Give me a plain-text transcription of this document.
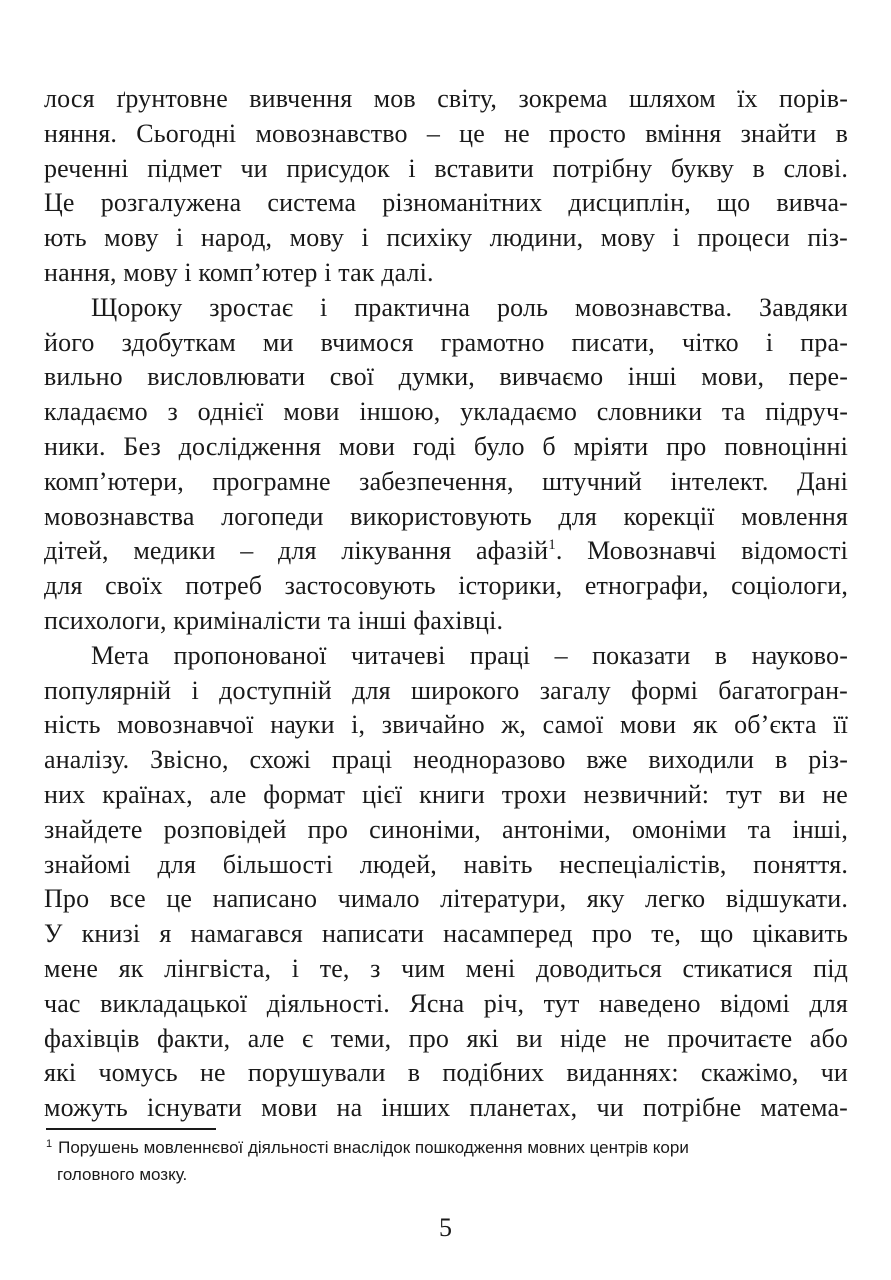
лося ґрунтовне вивчення мов світу, зокрема шляхом їх порів-
няння. Сьогодні мовознавство – це не просто вміння знайти в
реченні підмет чи присудок і вставити потрібну букву в слові.
Це розгалужена система різноманітних дисциплін, що вивча-
ють мову і народ, мову і психіку людини, мову і процеси піз-
нання, мову і комп’ютер і так далі.
Щороку зростає і практична роль мовознавства. Завдяки
його здобуткам ми вчимося грамотно писати, чітко і пра-
вильно висловлювати свої думки, вивчаємо інші мови, пере-
кладаємо з однієї мови іншою, укладаємо словники та підруч-
ники. Без дослідження мови годі було б мріяти про повноцінні
комп’ютери, програмне забезпечення, штучний інтелект. Дані
мовознавства логопеди використовують для корекції мовлення
дітей, медики – для лікування афазій$^1$. Мовознавчі відомості
для своїх потреб застосовують історики, етнографи, соціологи,
психологи, криміналісти та інші фахівці.
Мета пропонованої читачеві праці – показати в науково-
популярній і доступній для широкого загалу формі багатогран-
ність мовознавчої науки і, звичайно ж, самої мови як об’єкта її
аналізу. Звісно, схожі праці неодноразово вже виходили в різ-
них країнах, але формат цієї книги трохи незвичний: тут ви не
знайдете розповідей про синоніми, антоніми, омоніми та інші,
знайомі для більшості людей, навіть неспеціалістів, поняття.
Про все це написано чимало літератури, яку легко відшукати.
У книзі я намагався написати насамперед про те, що цікавить
мене як лінгвіста, і те, з чим мені доводиться стикатися під
час викладацької діяльності. Ясна річ, тут наведено відомі для
фахівців факти, але є теми, про які ви ніде не прочитаєте або
які чомусь не порушували в подібних виданнях: скажімо, чи
можуть існувати мови на інших планетах, чи потрібне матема-
$^1$ Порушень мовленнєвої діяльності внаслідок пошкодження мовних центрів кори
головного мозку.
5
